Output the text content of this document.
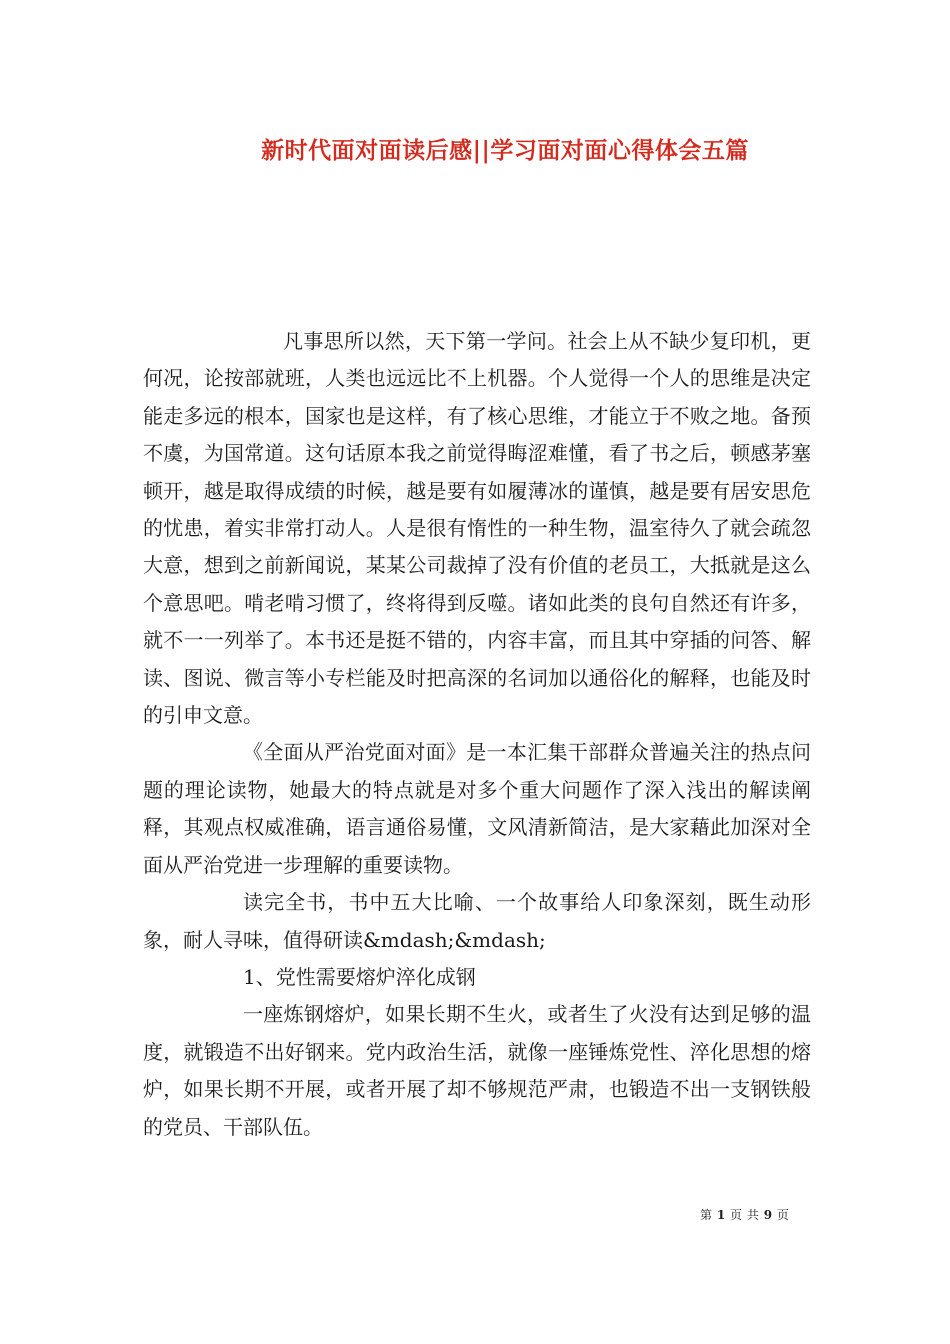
新时代面对面读后感||学习面对面心得体会五篇

凡事思所以然，天下第一学问。社会上从不缺少复印机，更何况，论按部就班，人类也远远比不上机器。个人觉得一个人的思维是决定能走多远的根本，国家也是这样，有了核心思维，才能立于不败之地。备预不虞，为国常道。这句话原本我之前觉得晦涩难懂，看了书之后，顿感茅塞顿开，越是取得成绩的时候，越是要有如履薄冰的谨慎，越是要有居安思危的忧患，着实非常打动人。人是很有惰性的一种生物，温室待久了就会疏忽大意，想到之前新闻说，某某公司裁掉了没有价值的老员工，大抵就是这么个意思吧。啃老啃习惯了，终将得到反噬。诸如此类的良句自然还有许多，就不一一列举了。本书还是挺不错的，内容丰富，而且其中穿插的问答、解读、图说、微言等小专栏能及时把高深的名词加以通俗化的解释，也能及时的引申文意。

《全面从严治党面对面》是一本汇集干部群众普遍关注的热点问题的理论读物，她最大的特点就是对多个重大问题作了深入浅出的解读阐释，其观点权威准确，语言通俗易懂，文风清新简洁，是大家藉此加深对全面从严治党进一步理解的重要读物。

读完全书，书中五大比喻、一个故事给人印象深刻，既生动形象，耐人寻味，值得研读&mdash;&mdash;

1、党性需要熔炉淬化成钢

一座炼钢熔炉，如果长期不生火，或者生了火没有达到足够的温度，就锻造不出好钢来。党内政治生活，就像一座锤炼党性、淬化思想的熔炉，如果长期不开展，或者开展了却不够规范严肃，也锻造不出一支钢铁般的党员、干部队伍。

第 1 页 共 9 页
